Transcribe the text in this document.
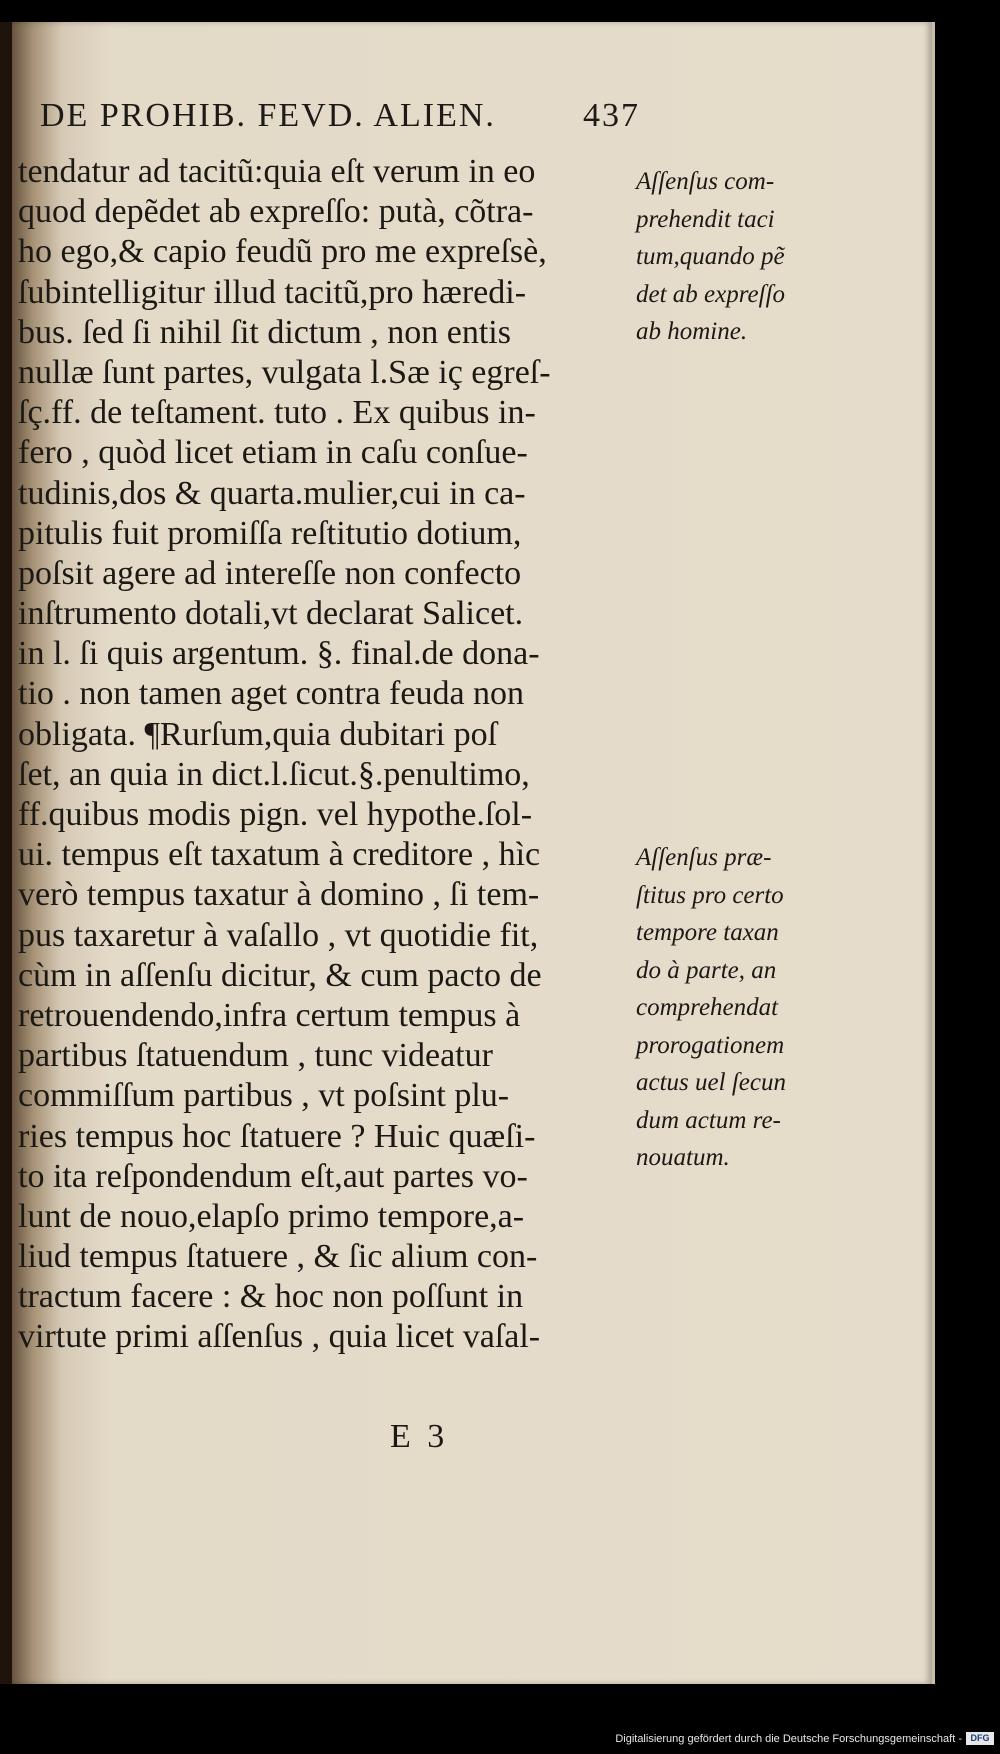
DE PROHIB. FEVD. ALIEN.	437
tendatur ad tacitũ:quia eſt verum in eo
quod depẽdet ab expreſſo: putà, cõtra-
ho ego,& capio feudũ pro me expreſsè,
ſubintelligitur illud tacitũ,pro hæredi-
bus. ſed ſi nihil ſit dictum , non entis
nullæ ſunt partes, vulgata l.Sæ iç egreſ-
ſç.ff. de teſtament. tuto . Ex quibus in-
fero , quòd licet etiam in caſu conſue-
tudinis,dos & quarta.mulier,cui in ca-
pitulis fuit promiſſa reſtitutio dotium,
poſsit agere ad intereſſe non confecto
inſtrumento dotali,vt declarat Salicet.
in l. ſi quis argentum. §. final.de dona-
tio . non tamen aget contra feuda non
obligata. ¶Rurſum,quia dubitari poſ
ſet, an quia in dict.l.ſicut.§.penultimo,
ff.quibus modis pign. vel hypothe.ſol-
ui. tempus eſt taxatum à creditore , hìc
verò tempus taxatur à domino , ſi tem-
pus taxaretur à vaſallo , vt quotidie fit,
cùm in aſſenſu dicitur, & cum pacto de
retrouendendo,infra certum tempus à
partibus ſtatuendum , tunc videatur
commiſſum partibus , vt poſsint plu-
ries tempus hoc ſtatuere ? Huic quæſi-
to ita reſpondendum eſt,aut partes vo-
lunt de nouo,elapſo primo tempore,a-
liud tempus ſtatuere , & ſic alium con-
tractum facere : & hoc non poſſunt in
virtute primi aſſenſus , quia licet vaſal-
Aſſenſus com-
prehendit taci
tum,quando pẽ
det ab expreſſo
ab homine.
Aſſenſus præ-
ſtitus pro certo
tempore taxan
do à parte, an
comprehendat
prorogationem
actus uel ſecun
dum actum re-
nouatum.
E 3
Digitalisierung gefördert durch die Deutsche Forschungsgemeinschaft - DFG
